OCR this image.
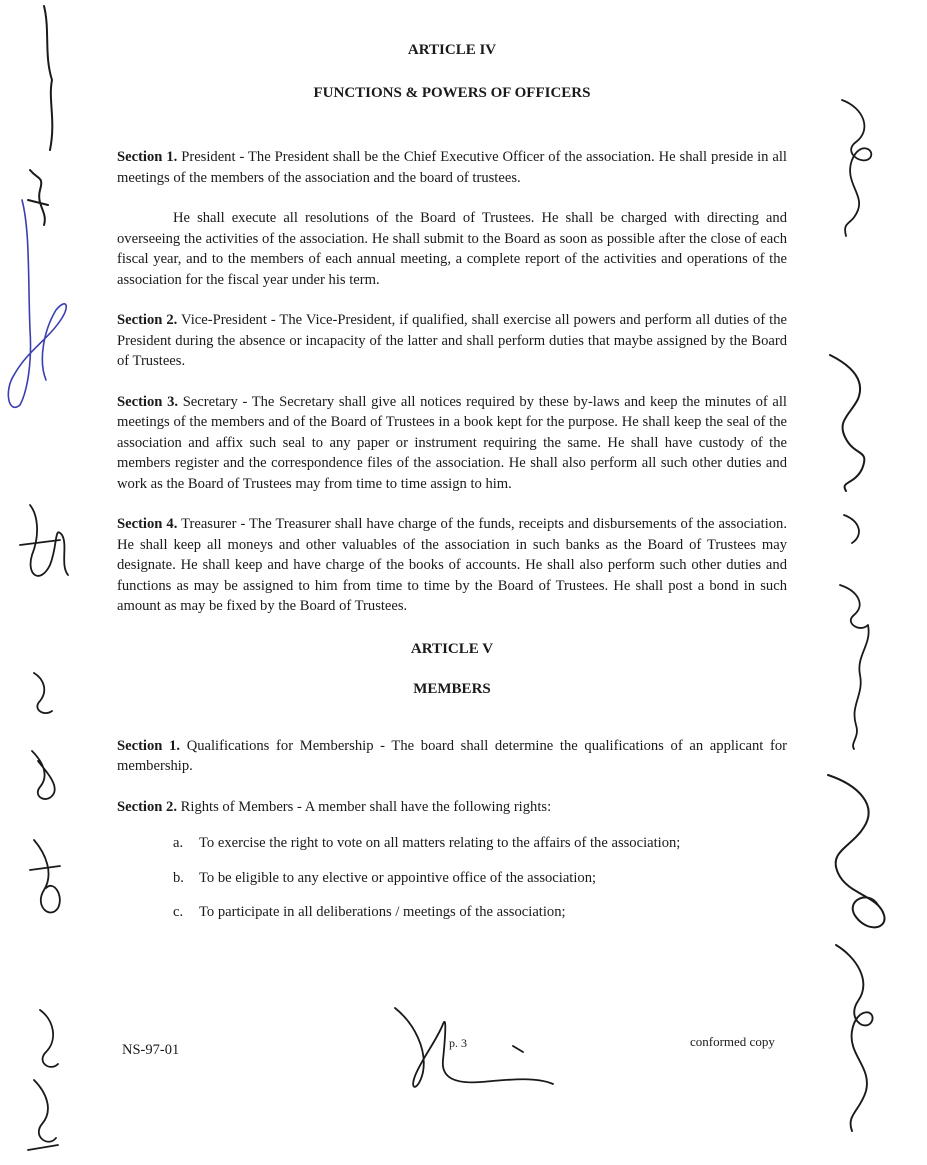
ARTICLE IV

FUNCTIONS & POWERS OF OFFICERS

Section 1. President - The President shall be the Chief Executive Officer of the association. He shall preside in all meetings of the members of the association and the board of trustees.

He shall execute all resolutions of the Board of Trustees. He shall be charged with directing and overseeing the activities of the association. He shall submit to the Board as soon as possible after the close of each fiscal year, and to the members of each annual meeting, a complete report of the activities and operations of the association for the fiscal year under his term.

Section 2. Vice-President - The Vice-President, if qualified, shall exercise all powers and perform all duties of the President during the absence or incapacity of the latter and shall perform duties that maybe assigned by the Board of Trustees.

Section 3. Secretary - The Secretary shall give all notices required by these by-laws and keep the minutes of all meetings of the members and of the Board of Trustees in a book kept for the purpose. He shall keep the seal of the association and affix such seal to any paper or instrument requiring the same. He shall have custody of the members register and the correspondence files of the association. He shall also perform all such other duties and work as the Board of Trustees may from time to time assign to him.

Section 4. Treasurer - The Treasurer shall have charge of the funds, receipts and disbursements of the association. He shall keep all moneys and other valuables of the association in such banks as the Board of Trustees may designate. He shall keep and have charge of the books of accounts. He shall also perform such other duties and functions as may be assigned to him from time to time by the Board of Trustees. He shall post a bond in such amount as may be fixed by the Board of Trustees.

ARTICLE V

MEMBERS

Section 1. Qualifications for Membership - The board shall determine the qualifications of an applicant for membership.

Section 2. Rights of Members - A member shall have the following rights:

a. To exercise the right to vote on all matters relating to the affairs of the association;
b. To be eligible to any elective or appointive office of the association;
c. To participate in all deliberations / meetings of the association;
NS-97-01	p. 3	conformed copy
